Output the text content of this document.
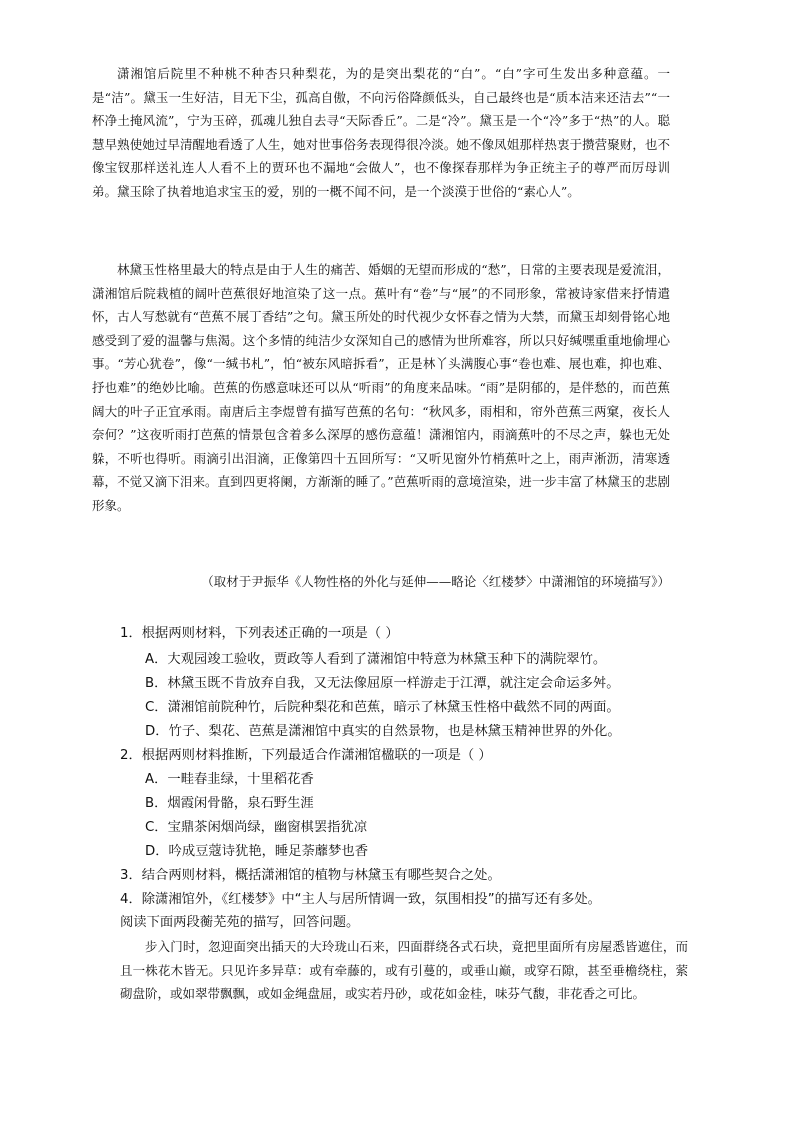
潇湘馆后院里不种桃不种杏只种梨花，为的是突出梨花的“白”。“白”字可生发出多种意蕴。一是“洁”。黛玉一生好洁，目无下尘，孤高自傲，不向污俗降颜低头，自己最终也是“质本洁来还洁去”“一杯净土掩风流”，宁为玉碎，孤魂儿独自去寻“天际香丘”。二是“冷”。黛玉是一个“冷”多于“热”的人。聪慧早熟使她过早清醒地看透了人生，她对世事俗务表现得很冷淡。她不像凤姐那样热衷于攒营聚财，也不像宝钗那样送礼连人人看不上的贾环也不漏地“会做人”，也不像探春那样为争正统主子的尊严而厉母训弟。黛玉除了执着地追求宝玉的爱，别的一概不闻不问，是一个淡漠于世俗的“素心人”。

林黛玉性格里最大的特点是由于人生的痛苦、婚姻的无望而形成的“愁”，日常的主要表现是爱流泪，潇湘馆后院栽植的阔叶芭蕉很好地渲染了这一点。蕉叶有“卷”与“展”的不同形象，常被诗家借来抒情遣怀，古人写愁就有“芭蕉不展丁香结”之句。黛玉所处的时代视少女怀春之情为大禁，而黛玉却刻骨铭心地感受到了爱的温馨与焦渴。这个多情的纯洁少女深知自己的感情为世所难容，所以只好缄嘿重重地偷埋心事。“芳心犹卷”，像“一缄书札”，怕“被东风暗拆看”，正是林丫头满腹心事“卷也难、展也难，抑也难、抒也难”的绝妙比喻。芭蕉的伤感意味还可以从“听雨”的角度来品味。“雨”是阴郁的，是伴愁的，而芭蕉阔大的叶子正宜承雨。南唐后主李煜曾有描写芭蕉的名句：“秋风多，雨相和，帘外芭蕉三两窠，夜长人奈何？”这夜听雨打芭蕉的情景包含着多么深厚的感伤意蕴！潇湘馆内，雨滴蕉叶的不尽之声，躲也无处躲，不听也得听。雨滴引出泪滴，正像第四十五回所写：“又听见窗外竹梢蕉叶之上，雨声淅沥，清寒透幕，不觉又滴下泪来。直到四更将阑，方渐渐的睡了。”芭蕉听雨的意境渲染，进一步丰富了林黛玉的悲剧形象。

（取材于尹振华《人物性格的外化与延伸——略论〈红楼梦〉中潇湘馆的环境描写》）
1．根据两则材料，下列表述正确的一项是（ ）
A．大观园竣工验收，贾政等人看到了潇湘馆中特意为林黛玉种下的满院翠竹。
B．林黛玉既不肯放弃自我，又无法像屈原一样游走于江潭，就注定会命运多舛。
C．潇湘馆前院种竹，后院种梨花和芭蕉，暗示了林黛玉性格中截然不同的两面。
D．竹子、梨花、芭蕉是潇湘馆中真实的自然景物，也是林黛玉精神世界的外化。
2．根据两则材料推断，下列最适合作潇湘馆楹联的一项是（ ）
A．一畦春韭绿，十里稻花香
B．烟霞闲骨骼，泉石野生涯
C．宝鼎茶闲烟尚绿，幽窗棋罢指犹凉
D．吟成豆蔻诗犹艳，睡足荼蘼梦也香
3．结合两则材料，概括潇湘馆的植物与林黛玉有哪些契合之处。
4．除潇湘馆外，《红楼梦》中“主人与居所情调一致，氛围相投”的描写还有多处。
阅读下面两段蘅芜苑的描写，回答问题。

步入门时，忽迎面突出插天的大玲珑山石来，四面群绕各式石块，竟把里面所有房屋悉皆遮住，而且一株花木皆无。只见许多异草：或有牵藤的，或有引蔓的，或垂山巅，或穿石隙，甚至垂檐绕柱，萦砌盘阶，或如翠带飘飘，或如金绳盘屈，或实若丹砂，或花如金桂，味芬气馥，非花香之可比。
